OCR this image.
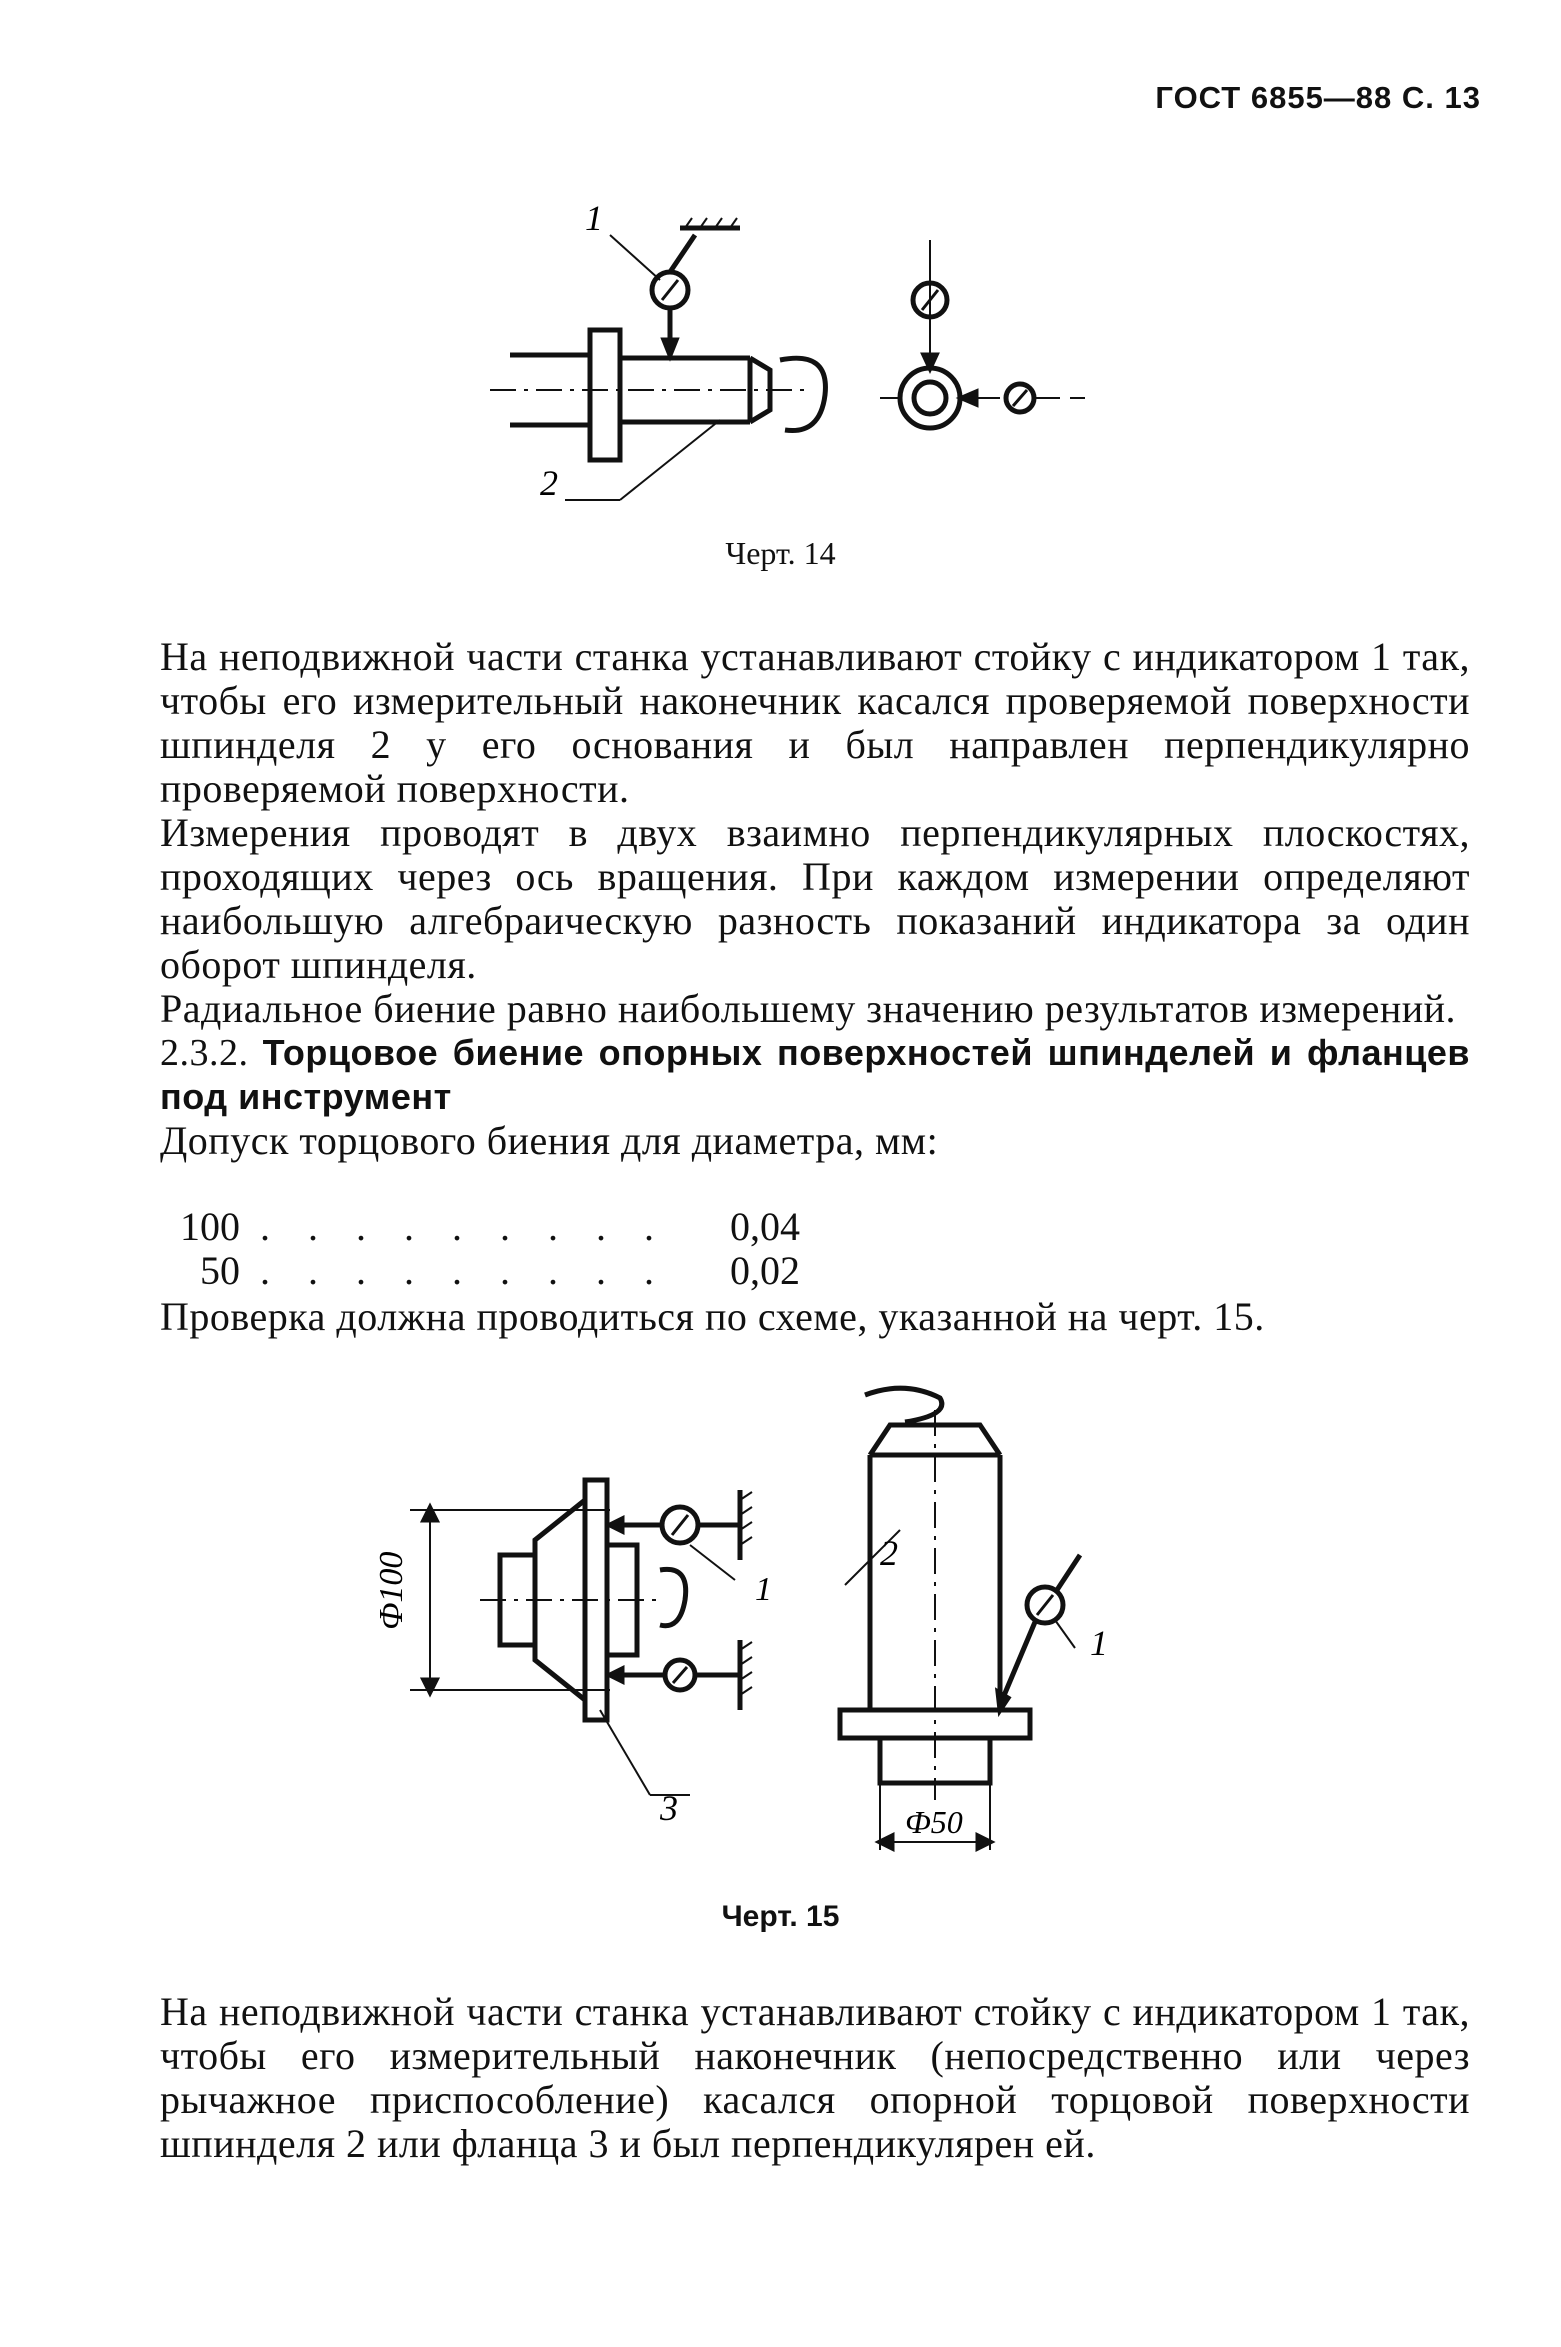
ГОСТ 6855—88 С. 13
1
2
Черт. 14

На неподвижной части станка устанавливают стойку с индикатором 1 так, чтобы его измерительный наконечник касался проверяемой поверхности шпинделя 2 у его основания и был направлен перпендикулярно проверяемой поверхности.

Измерения проводят в двух взаимно перпендикулярных плоскостях, проходящих через ось вращения. При каждом измерении определяют наибольшую алгебраическую разность показаний индикатора за один оборот шпинделя.

Радиальное биение равно наибольшему значению результатов измерений.

2.3.2. Торцовое биение опорных поверхностей шпинделей и фланцев под инструмент

Допуск торцового биения для диаметра, мм:

100 . . . . . . . . .	0,04
50 . . . . . . . . .	0,02

Проверка должна проводиться по схеме, указанной на черт. 15.

Ф100	1
3
2
1
Ф50
Черт. 15

На неподвижной части станка устанавливают стойку с индикатором 1 так, чтобы его измерительный наконечник (непосредственно или через рычажное приспособление) касался опорной торцовой поверхности шпинделя 2 или фланца 3 и был перпендикулярен ей.
